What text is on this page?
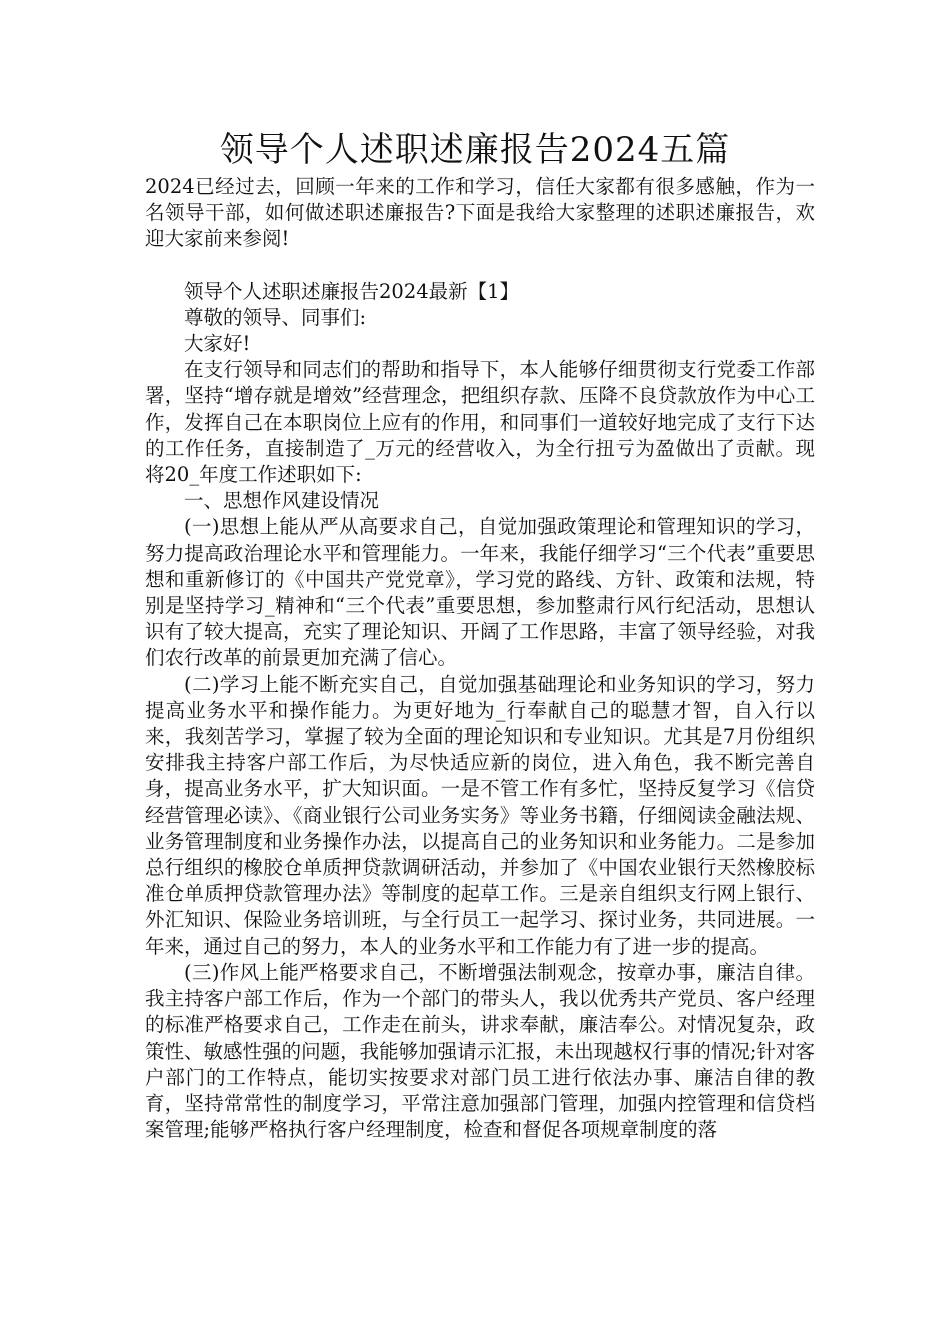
领导个人述职述廉报告2024五篇

2024已经过去，回顾一年来的工作和学习，信任大家都有很多感触，作为一名领导干部，如何做述职述廉报告?下面是我给大家整理的述职述廉报告，欢迎大家前来参阅!

领导个人述职述廉报告2024最新【1】

尊敬的领导、同事们:

大家好!

在支行领导和同志们的帮助和指导下，本人能够仔细贯彻支行党委工作部署，坚持“增存就是增效”经营理念，把组织存款、压降不良贷款放作为中心工作，发挥自己在本职岗位上应有的作用，和同事们一道较好地完成了支行下达的工作任务，直接制造了_万元的经营收入，为全行扭亏为盈做出了贡献。现将20_年度工作述职如下:

一、思想作风建设情况

(一)思想上能从严从高要求自己，自觉加强政策理论和管理知识的学习，努力提高政治理论水平和管理能力。一年来，我能仔细学习“三个代表”重要思想和重新修订的《中国共产党党章》，学习党的路线、方针、政策和法规，特别是坚持学习_精神和“三个代表”重要思想，参加整肃行风行纪活动，思想认识有了较大提高，充实了理论知识、开阔了工作思路，丰富了领导经验，对我们农行改革的前景更加充满了信心。

(二)学习上能不断充实自己，自觉加强基础理论和业务知识的学习，努力提高业务水平和操作能力。为更好地为_行奉献自己的聪慧才智，自入行以来，我刻苦学习，掌握了较为全面的理论知识和专业知识。尤其是7月份组织安排我主持客户部工作后，为尽快适应新的岗位，进入角色，我不断完善自身，提高业务水平，扩大知识面。一是不管工作有多忙，坚持反复学习《信贷经营管理必读》、《商业银行公司业务实务》等业务书籍，仔细阅读金融法规、业务管理制度和业务操作办法，以提高自己的业务知识和业务能力。二是参加总行组织的橡胶仓单质押贷款调研活动，并参加了《中国农业银行天然橡胶标准仓单质押贷款管理办法》等制度的起草工作。三是亲自组织支行网上银行、外汇知识、保险业务培训班，与全行员工一起学习、探讨业务，共同进展。一年来，通过自己的努力，本人的业务水平和工作能力有了进一步的提高。

(三)作风上能严格要求自己，不断增强法制观念，按章办事，廉洁自律。我主持客户部工作后，作为一个部门的带头人，我以优秀共产党员、客户经理的标准严格要求自己，工作走在前头，讲求奉献，廉洁奉公。对情况复杂，政策性、敏感性强的问题，我能够加强请示汇报，未出现越权行事的情况;针对客户部门的工作特点，能切实按要求对部门员工进行依法办事、廉洁自律的教育，坚持常常性的制度学习，平常注意加强部门管理，加强内控管理和信贷档案管理;能够严格执行客户经理制度，检查和督促各项规章制度的落
